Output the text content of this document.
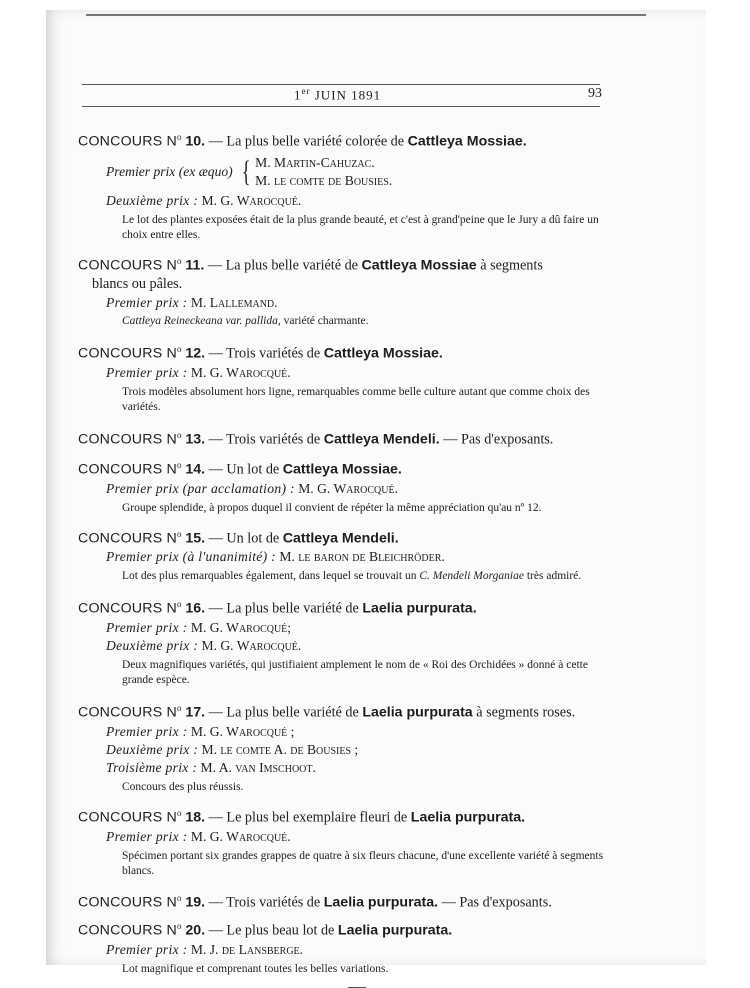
1er JUIN 1891	93
CONCOURS $N^o$ 10. — La plus belle variété colorée de Cattleya Mossiae.
Premier prix (ex æquo) { M. Martin-Cahuzac.
M. le comte de Bousies.
Deuxième prix : M. G. Warocqué.
Le lot des plantes exposées était de la plus grande beauté, et c'est à grand'peine que le Jury a dû faire un choix entre elles.
CONCOURS $N^o$ 11. — La plus belle variété de Cattleya Mossiae à segments
blancs ou pâles.
Premier prix : M. Lallemand.
Cattleya Reineckeana var. pallida, variété charmante.
CONCOURS $N^o$ 12. — Trois variétés de Cattleya Mossiae.
Premier prix : M. G. Warocqué.
Trois modèles absolument hors ligne, remarquables comme belle culture autant que comme choix des variétés.
CONCOURS $N^o$ 13. — Trois variétés de Cattleya Mendeli. — Pas d'exposants.
CONCOURS $N^o$ 14. — Un lot de Cattleya Mossiae.
Premier prix (par acclamation) : M. G. Warocqué.
Groupe splendide, à propos duquel il convient de répéter la même appréciation qu'au nº 12.
CONCOURS $N^o$ 15. — Un lot de Cattleya Mendeli.
Premier prix (à l'unanimité) : M. le baron de Bleichröder.
Lot des plus remarquables également, dans lequel se trouvait un C. Mendeli Morganiae très admiré.
CONCOURS $N^o$ 16. — La plus belle variété de Laelia purpurata.
Premier prix : M. G. Warocqué;
Deuxième prix : M. G. Warocqué.
Deux magnifiques variétés, qui justifiaient amplement le nom de « Roi des Orchidées » donné à cette grande espèce.
CONCOURS $N^o$ 17. — La plus belle variété de Laelia purpurata à segments roses.
Premier prix : M. G. Warocqué ;
Deuxième prix : M. le comte A. de Bousies ;
Troisième prix : M. A. van Imschoot.
Concours des plus réussis.
CONCOURS $N^o$ 18. — Le plus bel exemplaire fleuri de Laelia purpurata.
Premier prix : M. G. Warocqué.
Spécimen portant six grandes grappes de quatre à six fleurs chacune, d'une excellente variété à segments blancs.
CONCOURS $N^o$ 19. — Trois variétés de Laelia purpurata. — Pas d'exposants.
CONCOURS $N^o$ 20. — Le plus beau lot de Laelia purpurata.
Premier prix : M. J. de Lansberge.
Lot magnifique et comprenant toutes les belles variations.
